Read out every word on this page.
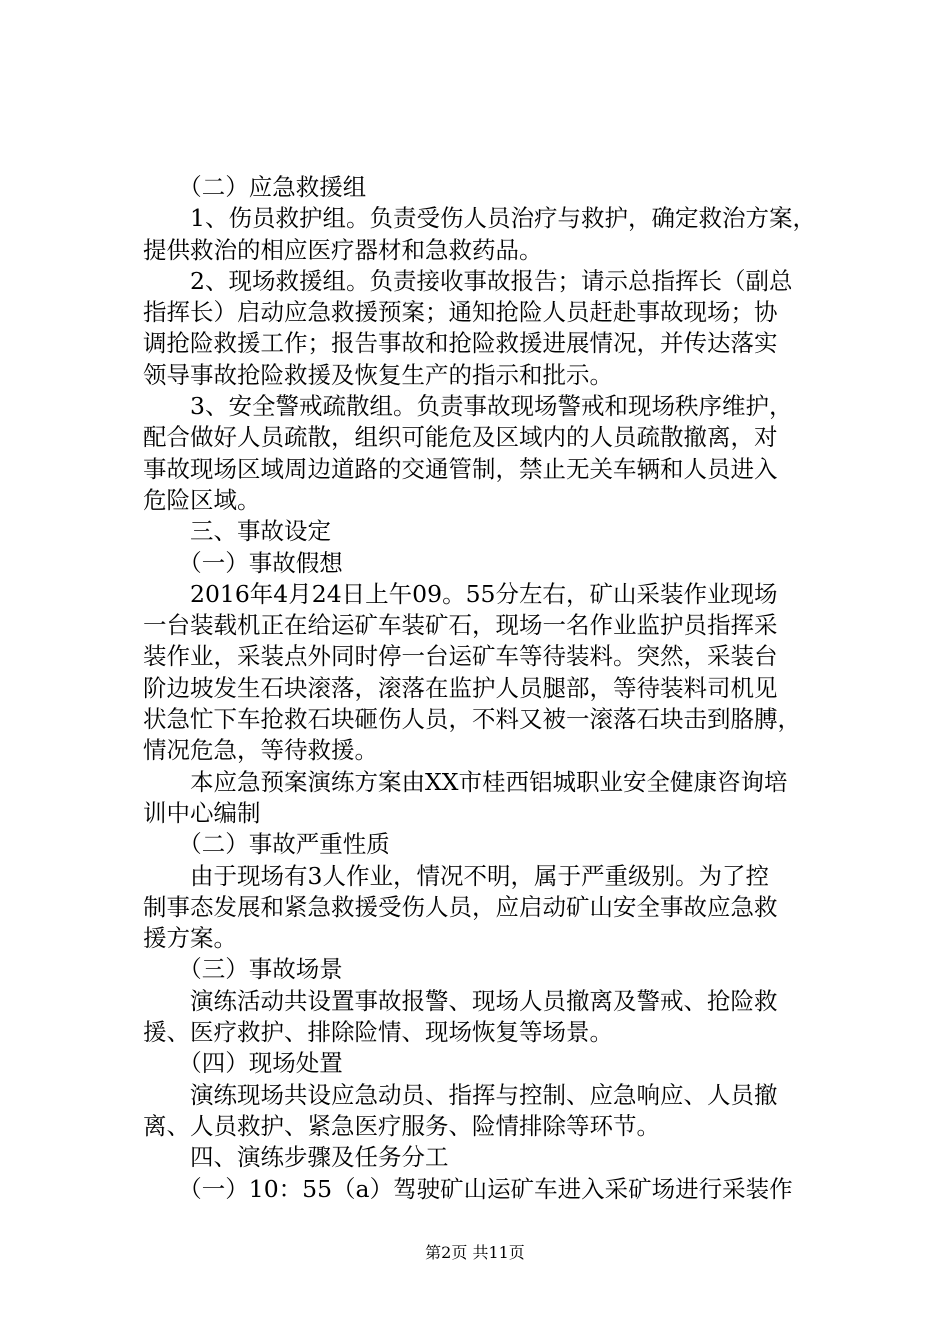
　　（二）应急救援组
　　1、伤员救护组。负责受伤人员治疗与救护，确定救治方案，
提供救治的相应医疗器材和急救药品。
　　2、现场救援组。负责接收事故报告；请示总指挥长（副总
指挥长）启动应急救援预案；通知抢险人员赶赴事故现场；协
调抢险救援工作；报告事故和抢险救援进展情况，并传达落实
领导事故抢险救援及恢复生产的指示和批示。
　　3、安全警戒疏散组。负责事故现场警戒和现场秩序维护，
配合做好人员疏散，组织可能危及区域内的人员疏散撤离，对
事故现场区域周边道路的交通管制，禁止无关车辆和人员进入
危险区域。
　　三、事故设定
　　（一）事故假想
　　2016年4月24日上午09。55分左右，矿山采装作业现场
一台装载机正在给运矿车装矿石，现场一名作业监护员指挥采
装作业，采装点外同时停一台运矿车等待装料。突然，采装台
阶边坡发生石块滚落，滚落在监护人员腿部，等待装料司机见
状急忙下车抢救石块砸伤人员，不料又被一滚落石块击到胳膊，
情况危急，等待救援。
　　本应急预案演练方案由XX市桂西铝城职业安全健康咨询培
训中心编制
　　（二）事故严重性质
　　由于现场有3人作业，情况不明，属于严重级别。为了控
制事态发展和紧急救援受伤人员，应启动矿山安全事故应急救
援方案。
　　（三）事故场景
　　演练活动共设置事故报警、现场人员撤离及警戒、抢险救
援、医疗救护、排除险情、现场恢复等场景。
　　（四）现场处置
　　演练现场共设应急动员、指挥与控制、应急响应、人员撤
离、人员救护、紧急医疗服务、险情排除等环节。
　　四、演练步骤及任务分工
　　（一）10：55（a）驾驶矿山运矿车进入采矿场进行采装作
第2页 共11页
